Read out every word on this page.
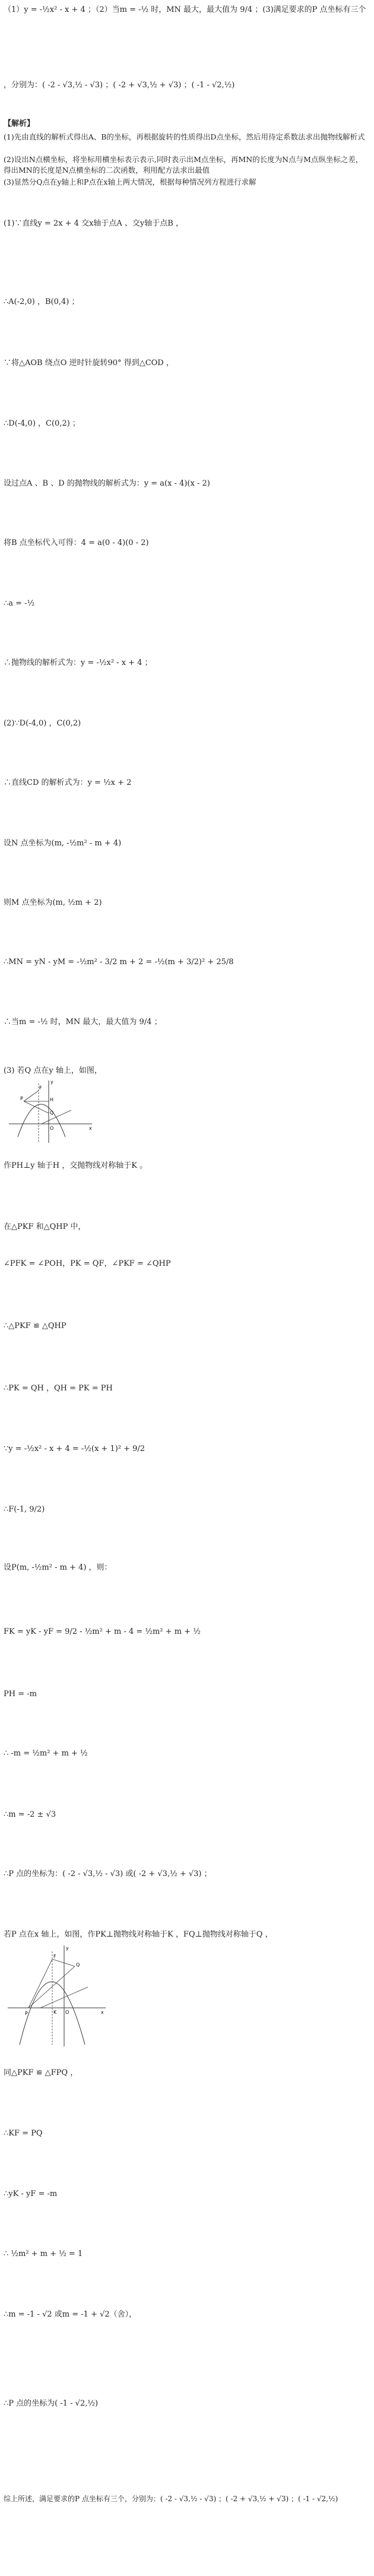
（1）y = -½x² - x + 4 ；（2）当m = -½ 时，MN 最大，最大值为 9/4 ；(3)满足要求的P 点坐标有三个
，分别为：( -2 - √3,½ - √3) ；( -2 + √3,½ + √3) ；( -1 - √2,½)
【解析】
(1)先由直线的解析式得出A、B的坐标，再根据旋转的性质得出D点坐标，然后用待定系数法求出抛物线解析式
(2)设出N点横坐标，将坐标用横坐标表示表示,同时表示出M点坐标，再MN的长度为N点与M点纵坐标之差，得出MN的长度是N点横坐标的二次函数，利用配方法求出最值
(3)显然分Q点在y轴上和P点在x轴上两大情况，根据每种情况列方程进行求解
(1)∵直线y = 2x + 4 交x轴于点A 、交y轴于点B ，
∴A(-2,0) ，B(0,4) ；
∵将△AOB 绕点O 逆时针旋转90° 得到△COD ，
∴D(-4,0) ，C(0,2) ；
设过点A 、B 、D 的抛物线的解析式为：y = a(x - 4)(x - 2)
将B 点坐标代入可得：4 = a(0 - 4)(0 - 2)
∴a = -½
∴抛物线的解析式为：y = -½x² - x + 4 ；
(2)∵D(-4,0) ，C(0,2)
∴直线CD 的解析式为：y = ½x + 2
设N 点坐标为(m, -½m² - m + 4)
则M 点坐标为(m, ½m + 2)
∴MN = yN - yM = -½m² - 3/2 m + 2 = -½(m + 3/2)² + 25/8
∴当m = -½ 时，MN 最大，最大值为 9/4 ；
(3) 若Q 点在y 轴上，如图，
P
F
H
Q
O	x
y
作PH⊥y 轴于H ，交抛物线对称轴于K 。
在△PKF 和△QHP 中，
∠PFK = ∠POH，PK = QF，∠PKF = ∠QHP
∴△PKF ≌ △QHP
∴PK = QH ，QH = PK = PH
∵y = -½x² - x + 4 = -½(x + 1)² + 9/2
∴F(-1, 9/2)
设P(m, -½m² - m + 4) ，则：
FK = yK - yF = 9/2 - ½m² + m - 4 = ½m² + m + ½
PH = -m
∴ -m = ½m² + m + ½
∴m = -2 ± √3
∴P 点的坐标为：( -2 - √3,½ - √3) 或( -2 + √3,½ + √3) ；
若P 点在x 轴上，如图，作PK⊥抛物线对称轴于K ，FQ⊥抛物线对称轴于Q ，
P
F
Q
K O	x
y
同△PKF ≌ △FPQ ，
∴KF = PQ
∴yK - yF = -m
∴ ½m² + m + ½ = 1
∴m = -1 - √2 或m = -1 + √2（舍），
∴P 点的坐标为( -1 - √2,½)
综上所述，满足要求的P 点坐标有三个，分别为：( -2 - √3,½ - √3) ；( -2 + √3,½ + √3) ；( -1 - √2,½)
